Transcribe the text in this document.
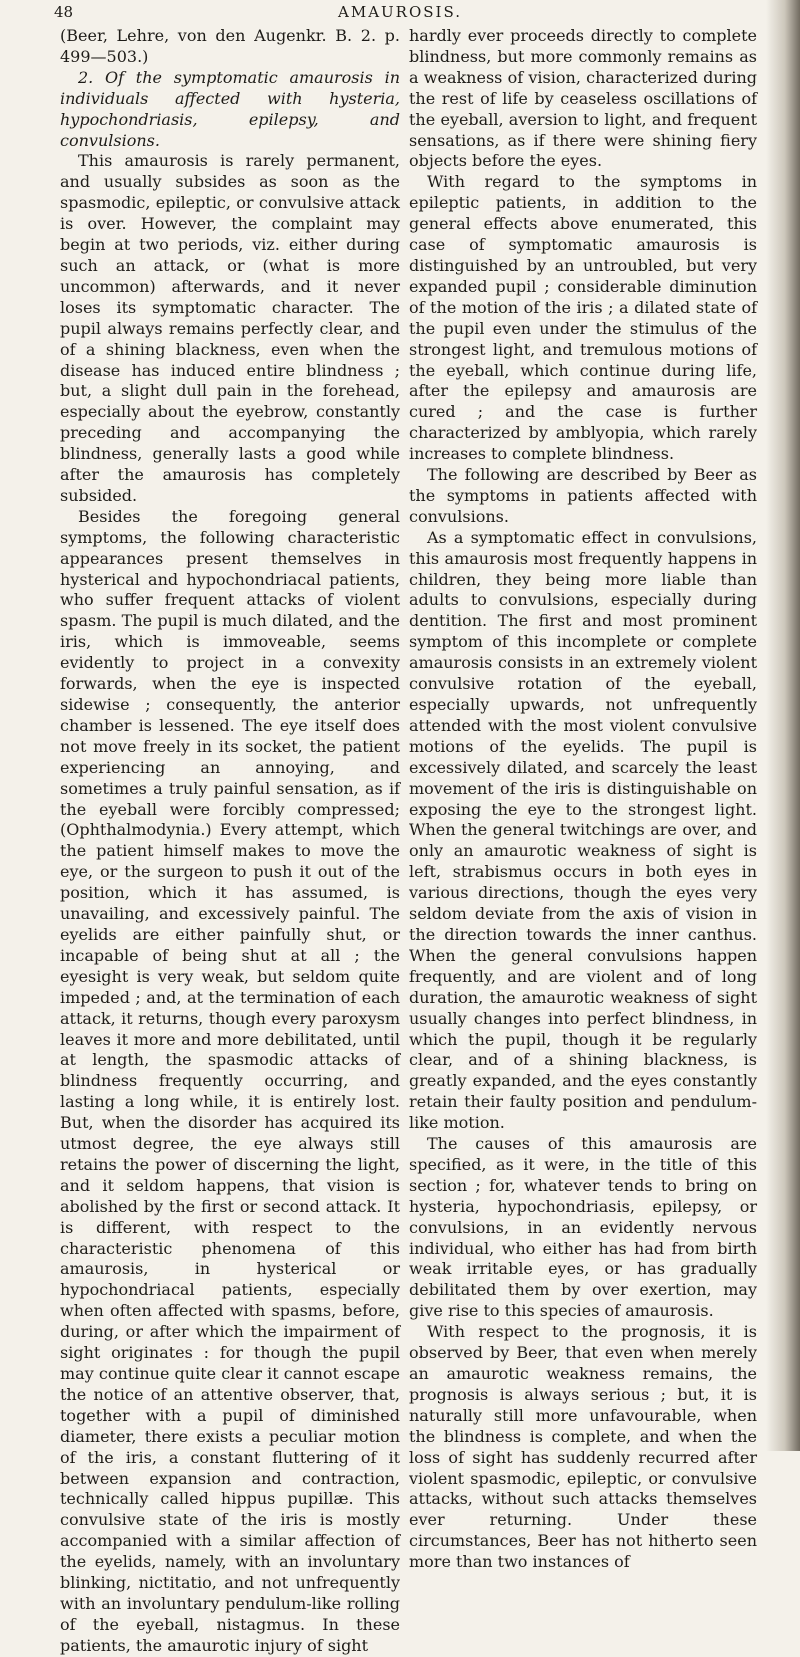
48	AMAUROSIS.

(Beer, Lehre, von den Augenkr. B. 2. p. 499—503.)

2. Of the symptomatic amaurosis in individuals affected with hysteria, hypochondriasis, epilepsy, and convulsions.

This amaurosis is rarely permanent, and usually subsides as soon as the spasmodic, epileptic, or convulsive attack is over. However, the complaint may begin at two periods, viz. either during such an attack, or (what is more uncommon) afterwards, and it never loses its symptomatic character. The pupil always remains perfectly clear, and of a shining blackness, even when the disease has induced entire blindness ; but, a slight dull pain in the forehead, especially about the eyebrow, constantly preceding and accompanying the blindness, generally lasts a good while after the amaurosis has completely subsided.

Besides the foregoing general symptoms, the following characteristic appearances present themselves in hysterical and hypochondriacal patients, who suffer frequent attacks of violent spasm. The pupil is much dilated, and the iris, which is immoveable, seems evidently to project in a convexity forwards, when the eye is inspected sidewise ; consequently, the anterior chamber is lessened. The eye itself does not move freely in its socket, the patient experiencing an annoying, and sometimes a truly painful sensation, as if the eyeball were forcibly compressed; (Ophthalmodynia.) Every attempt, which the patient himself makes to move the eye, or the surgeon to push it out of the position, which it has assumed, is unavailing, and excessively painful. The eyelids are either painfully shut, or incapable of being shut at all ; the eyesight is very weak, but seldom quite impeded ; and, at the termination of each attack, it returns, though every paroxysm leaves it more and more debilitated, until at length, the spasmodic attacks of blindness frequently occurring, and lasting a long while, it is entirely lost. But, when the disorder has acquired its utmost degree, the eye always still retains the power of discerning the light, and it seldom happens, that vision is abolished by the first or second attack. It is different, with respect to the characteristic phenomena of this amaurosis, in hysterical or hypochondriacal patients, especially when often affected with spasms, before, during, or after which the impairment of sight originates : for though the pupil may continue quite clear it cannot escape the notice of an attentive observer, that, together with a pupil of diminished diameter, there exists a peculiar motion of the iris, a constant fluttering of it between expansion and contraction, technically called hippus pupillæ. This convulsive state of the iris is mostly accompanied with a similar affection of the eyelids, namely, with an involuntary blinking, nictitatio, and not unfrequently with an involuntary pendulum-like rolling of the eyeball, nistagmus. In these patients, the amaurotic injury of sight

hardly ever proceeds directly to complete blindness, but more commonly remains as a weakness of vision, characterized during the rest of life by ceaseless oscillations of the eyeball, aversion to light, and frequent sensations, as if there were shining fiery objects before the eyes.

With regard to the symptoms in epileptic patients, in addition to the general effects above enumerated, this case of symptomatic amaurosis is distinguished by an untroubled, but very expanded pupil ; considerable diminution of the motion of the iris ; a dilated state of the pupil even under the stimulus of the strongest light, and tremulous motions of the eyeball, which continue during life, after the epilepsy and amaurosis are cured ; and the case is further characterized by amblyopia, which rarely increases to complete blindness.

The following are described by Beer as the symptoms in patients affected with convulsions.

As a symptomatic effect in convulsions, this amaurosis most frequently happens in children, they being more liable than adults to convulsions, especially during dentition. The first and most prominent symptom of this incomplete or complete amaurosis consists in an extremely violent convulsive rotation of the eyeball, especially upwards, not unfrequently attended with the most violent convulsive motions of the eyelids. The pupil is excessively dilated, and scarcely the least movement of the iris is distinguishable on exposing the eye to the strongest light. When the general twitchings are over, and only an amaurotic weakness of sight is left, strabismus occurs in both eyes in various directions, though the eyes very seldom deviate from the axis of vision in the direction towards the inner canthus. When the general convulsions happen frequently, and are violent and of long duration, the amaurotic weakness of sight usually changes into perfect blindness, in which the pupil, though it be regularly clear, and of a shining blackness, is greatly expanded, and the eyes constantly retain their faulty position and pendulum-like motion.

The causes of this amaurosis are specified, as it were, in the title of this section ; for, whatever tends to bring on hysteria, hypochondriasis, epilepsy, or convulsions, in an evidently nervous individual, who either has had from birth weak irritable eyes, or has gradually debilitated them by over exertion, may give rise to this species of amaurosis.

With respect to the prognosis, it is observed by Beer, that even when merely an amaurotic weakness remains, the prognosis is always serious ; but, it is naturally still more unfavourable, when the blindness is complete, and when the loss of sight has suddenly recurred after violent spasmodic, epileptic, or convulsive attacks, without such attacks themselves ever returning. Under these circumstances, Beer has not hitherto seen more than two instances of
